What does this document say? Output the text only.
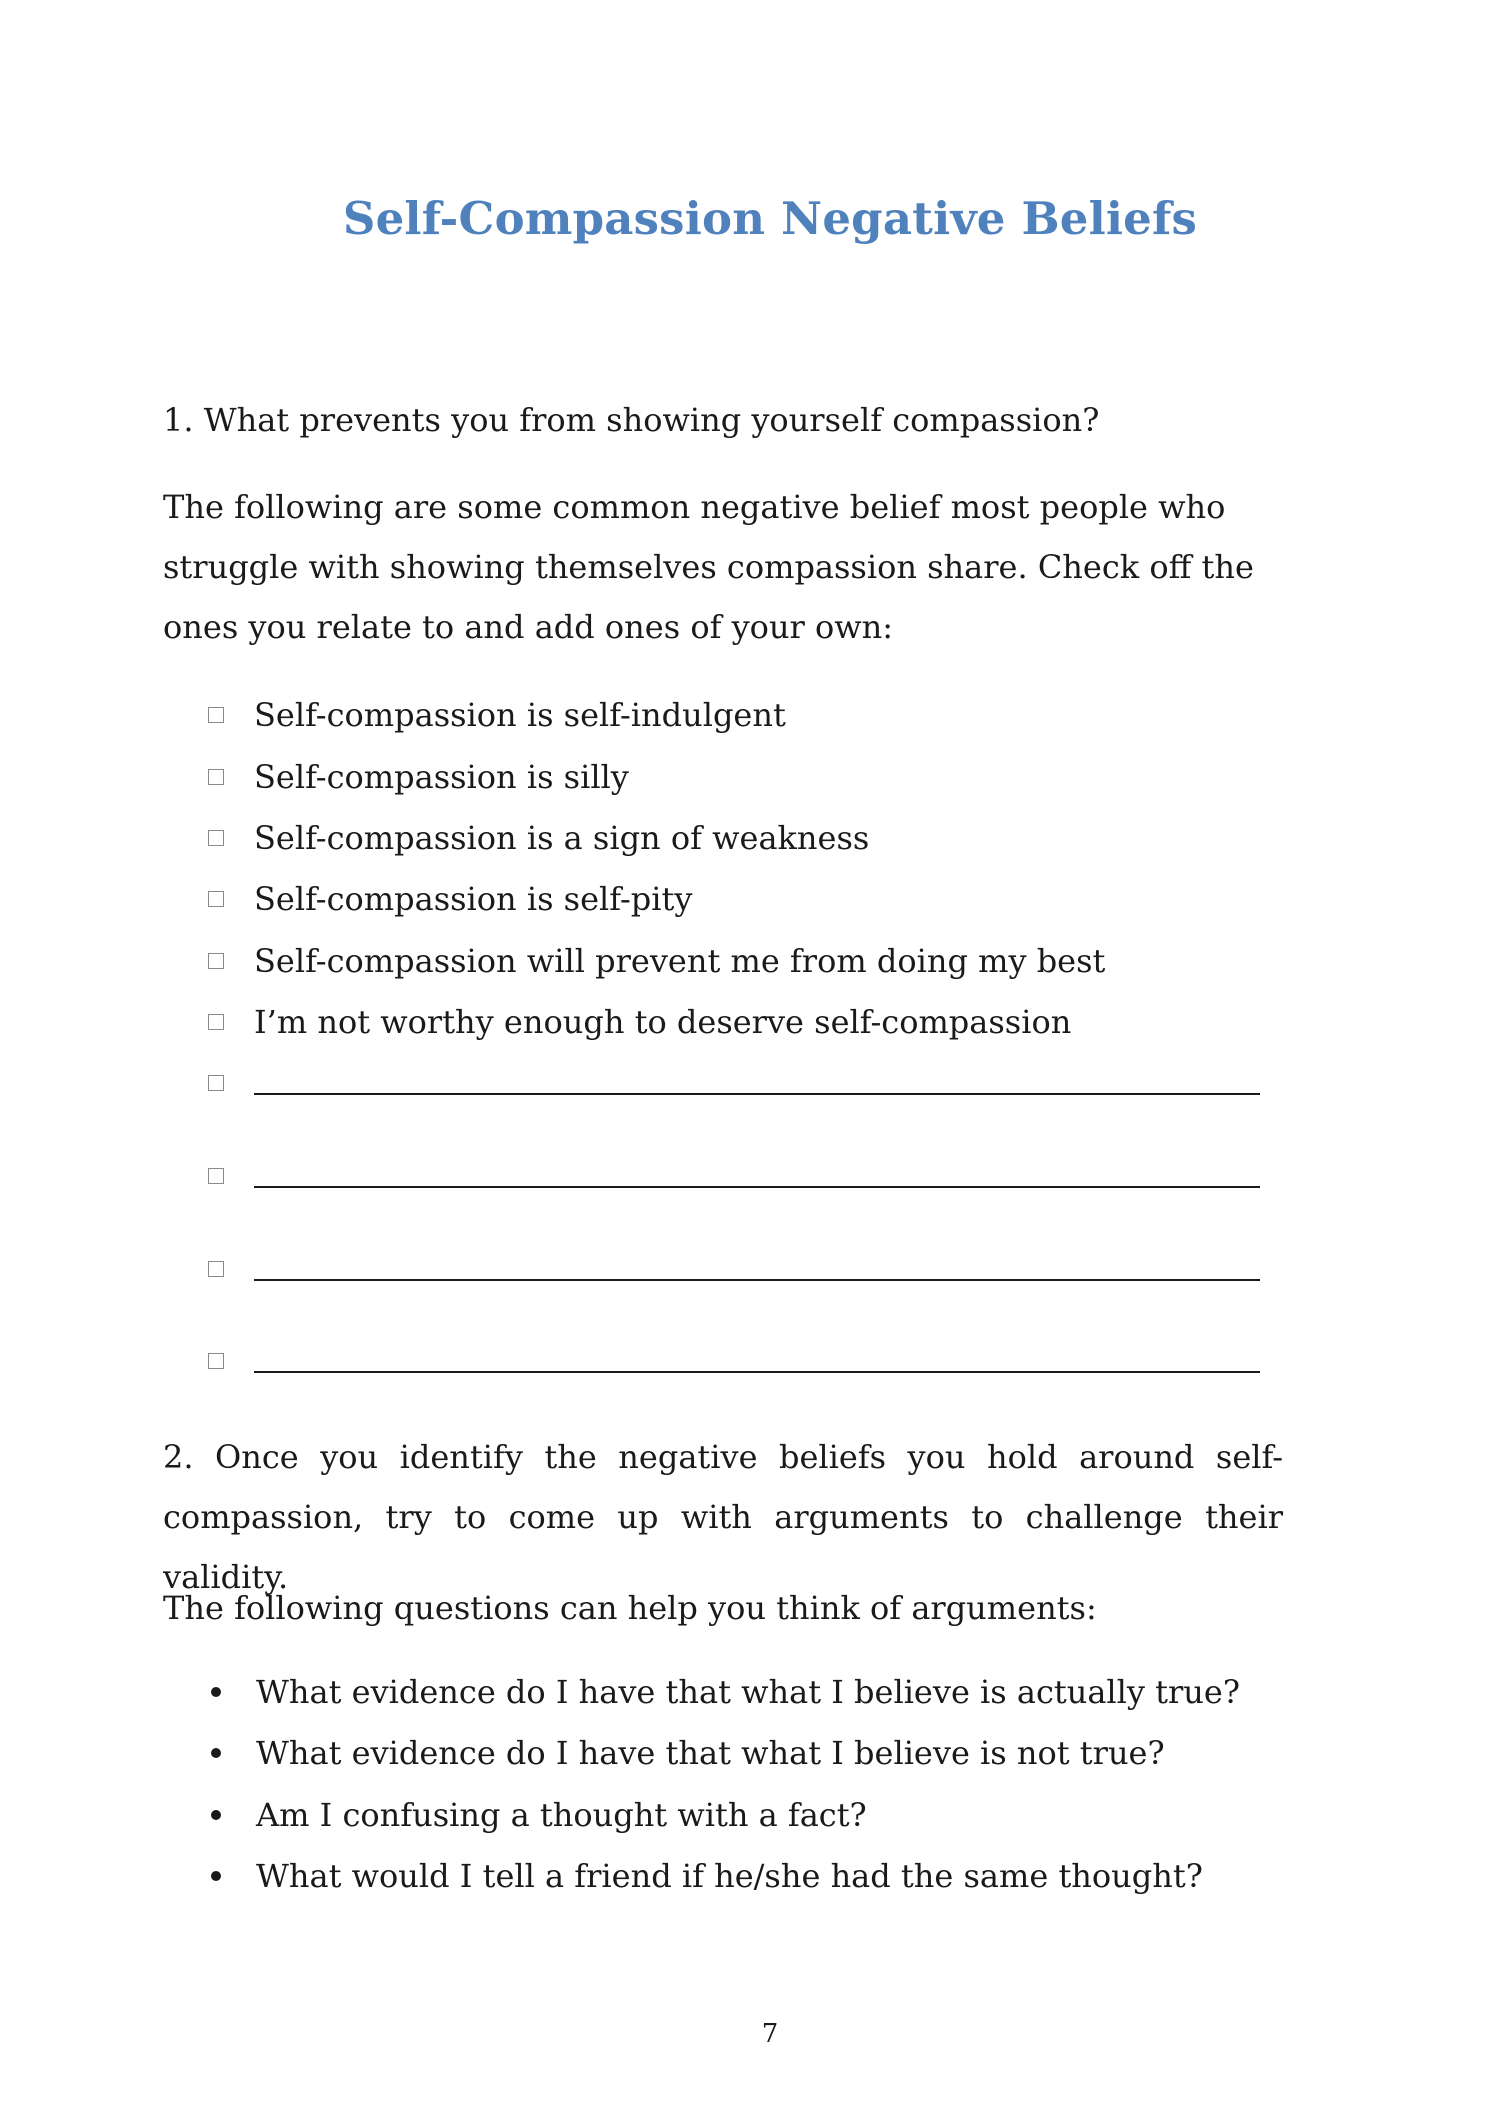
Self-Compassion Negative Beliefs

1. What prevents you from showing yourself compassion?

The following are some common negative belief most people who struggle with showing themselves compassion share. Check off the ones you relate to and add ones of your own:

Self-compassion is self-indulgent
Self-compassion is silly
Self-compassion is a sign of weakness
Self-compassion is self-pity
Self-compassion will prevent me from doing my best
I’m not worthy enough to deserve self-compassion

2. Once you identify the negative beliefs you hold around self-compassion, try to come up with arguments to challenge their validity.

The following questions can help you think of arguments:

What evidence do I have that what I believe is actually true?
What evidence do I have that what I believe is not true?
Am I confusing a thought with a fact?
What would I tell a friend if he/she had the same thought?
7
